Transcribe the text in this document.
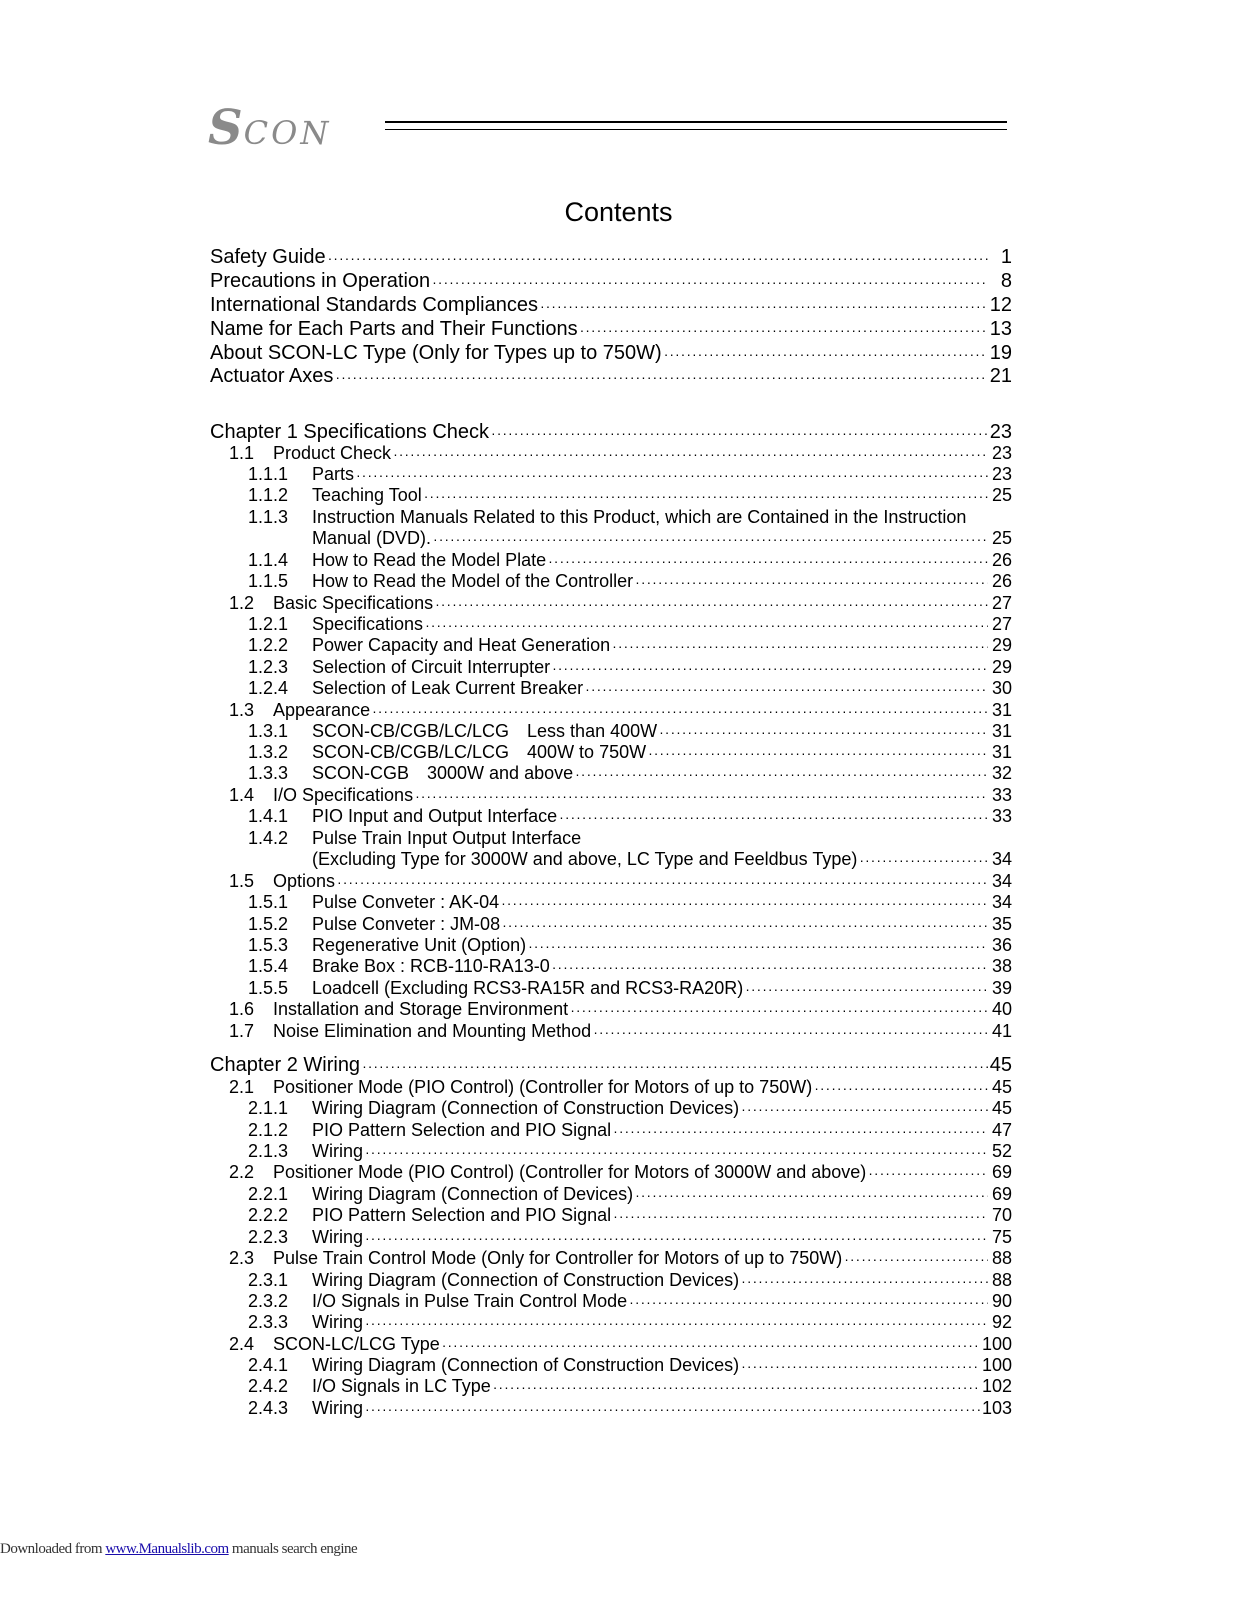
SCON
Contents
Safety Guide ·····	1
Precautions in Operation ·····	8
International Standards Compliances ·····	12
Name for Each Parts and Their Functions ·····	13
About SCON-LC Type (Only for Types up to 750W) ·····	19
Actuator Axes ·····	21
Chapter 1 Specifications Check ·····	23
1.1	Product Check ·····	23
1.1.1	Parts ·····	23
1.1.2	Teaching Tool ·····	25
1.1.3	Instruction Manuals Related to this Product, which are Contained in the Instruction
Manual (DVD). ·····	25
1.1.4	How to Read the Model Plate ·····	26
1.1.5	How to Read the Model of the Controller ·····	26
1.2	Basic Specifications ·····	27
1.2.1	Specifications ·····	27
1.2.2	Power Capacity and Heat Generation ·····	29
1.2.3	Selection of Circuit Interrupter ·····	29
1.2.4	Selection of Leak Current Breaker ·····	30
1.3	Appearance ·····	31
1.3.1	SCON-CB/CGB/LC/LCG　Less than 400W ·····	31
1.3.2	SCON-CB/CGB/LC/LCG　400W to 750W ·····	31
1.3.3	SCON-CGB　3000W and above ·····	32
1.4	I/O Specifications ·····	33
1.4.1	PIO Input and Output Interface ·····	33
1.4.2	Pulse Train Input Output Interface
(Excluding Type for 3000W and above, LC Type and Feeldbus Type) ·····	34
1.5	Options ·····	34
1.5.1	Pulse Conveter : AK-04 ·····	34
1.5.2	Pulse Conveter : JM-08 ·····	35
1.5.3	Regenerative Unit (Option) ·····	36
1.5.4	Brake Box : RCB-110-RA13-0 ·····	38
1.5.5	Loadcell (Excluding RCS3-RA15R and RCS3-RA20R) ·····	39
1.6	Installation and Storage Environment ·····	40
1.7	Noise Elimination and Mounting Method ·····	41
Chapter 2 Wiring ·····	45
2.1	Positioner Mode (PIO Control) (Controller for Motors of up to 750W) ·····	45
2.1.1	Wiring Diagram (Connection of Construction Devices) ·····	45
2.1.2	PIO Pattern Selection and PIO Signal ·····	47
2.1.3	Wiring ·····	52
2.2	Positioner Mode (PIO Control) (Controller for Motors of 3000W and above) ·····	69
2.2.1	Wiring Diagram (Connection of Devices) ·····	69
2.2.2	PIO Pattern Selection and PIO Signal ·····	70
2.2.3	Wiring ·····	75
2.3	Pulse Train Control Mode (Only for Controller for Motors of up to 750W) ·····	88
2.3.1	Wiring Diagram (Connection of Construction Devices) ·····	88
2.3.2	I/O Signals in Pulse Train Control Mode ·····	90
2.3.3	Wiring ·····	92
2.4	SCON-LC/LCG Type ·····	100
2.4.1	Wiring Diagram (Connection of Construction Devices) ·····	100
2.4.2	I/O Signals in LC Type ·····	102
2.4.3	Wiring ·····	103
Downloaded from www.Manualslib.com manuals search engine
